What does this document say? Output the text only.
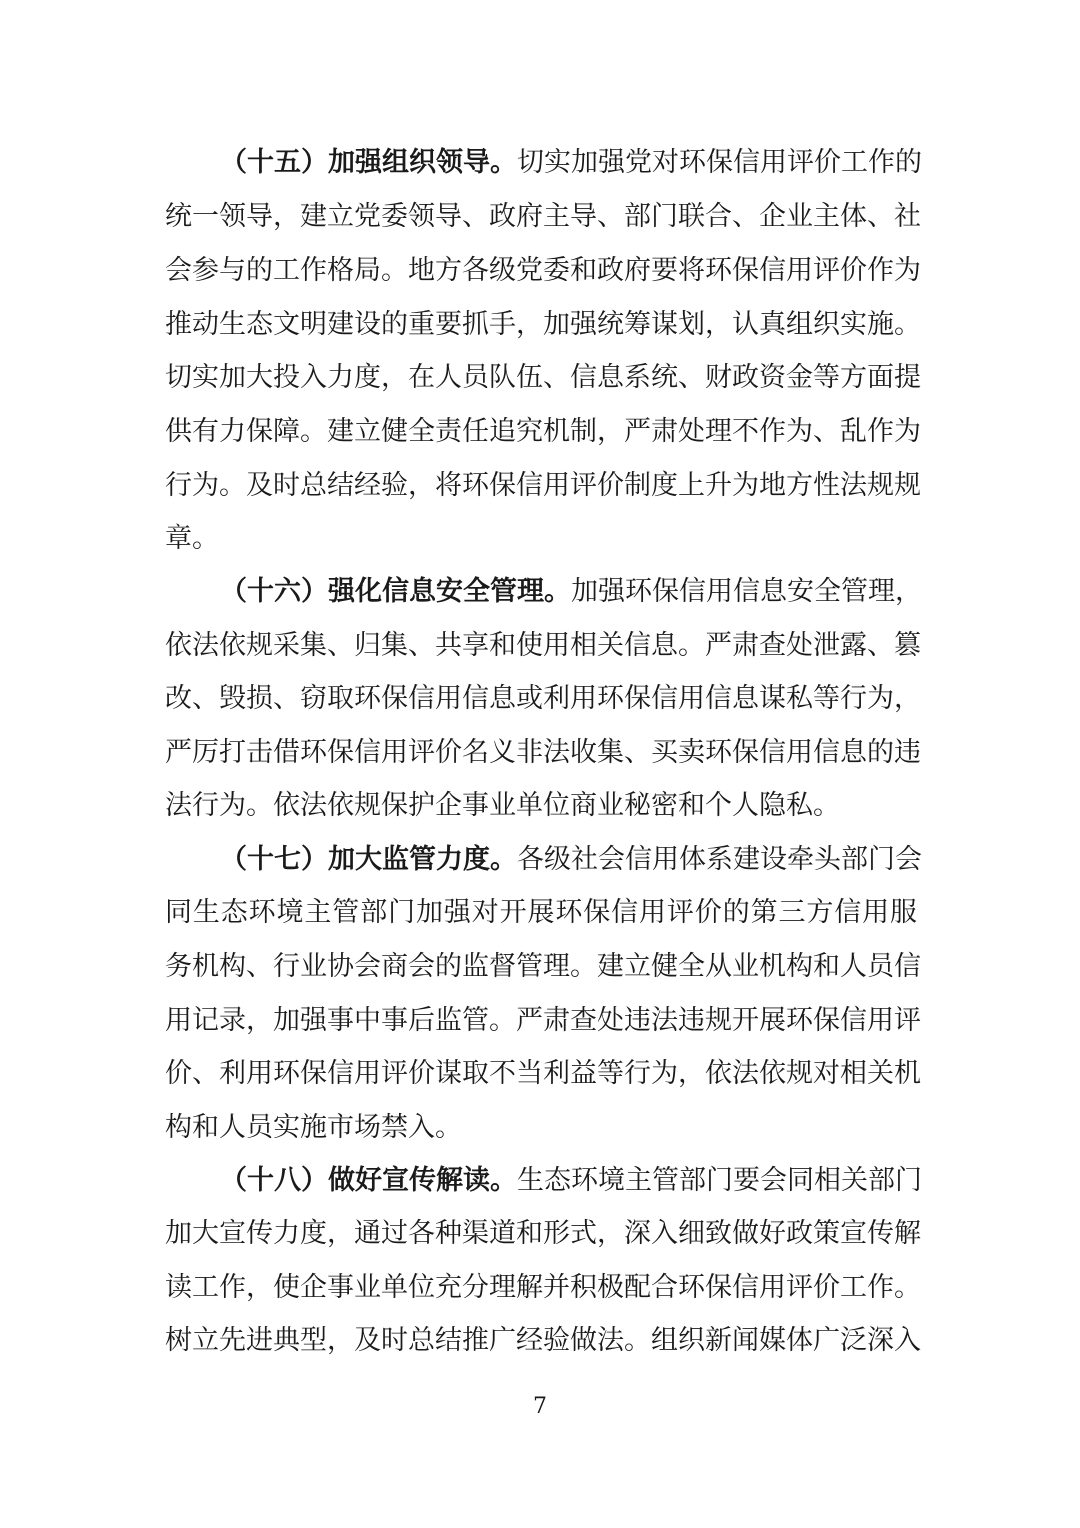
（十五）加强组织领导。切实加强党对环保信用评价工作的
统一领导，建立党委领导、政府主导、部门联合、企业主体、社
会参与的工作格局。地方各级党委和政府要将环保信用评价作为
推动生态文明建设的重要抓手，加强统筹谋划，认真组织实施。
切实加大投入力度，在人员队伍、信息系统、财政资金等方面提
供有力保障。建立健全责任追究机制，严肃处理不作为、乱作为
行为。及时总结经验，将环保信用评价制度上升为地方性法规规
章。
（十六）强化信息安全管理。加强环保信用信息安全管理，
依法依规采集、归集、共享和使用相关信息。严肃查处泄露、篡
改、毁损、窃取环保信用信息或利用环保信用信息谋私等行为，
严厉打击借环保信用评价名义非法收集、买卖环保信用信息的违
法行为。依法依规保护企事业单位商业秘密和个人隐私。
（十七）加大监管力度。各级社会信用体系建设牵头部门会
同生态环境主管部门加强对开展环保信用评价的第三方信用服
务机构、行业协会商会的监督管理。建立健全从业机构和人员信
用记录，加强事中事后监管。严肃查处违法违规开展环保信用评
价、利用环保信用评价谋取不当利益等行为，依法依规对相关机
构和人员实施市场禁入。
（十八）做好宣传解读。生态环境主管部门要会同相关部门
加大宣传力度，通过各种渠道和形式，深入细致做好政策宣传解
读工作，使企事业单位充分理解并积极配合环保信用评价工作。
树立先进典型，及时总结推广经验做法。组织新闻媒体广泛深入
7
